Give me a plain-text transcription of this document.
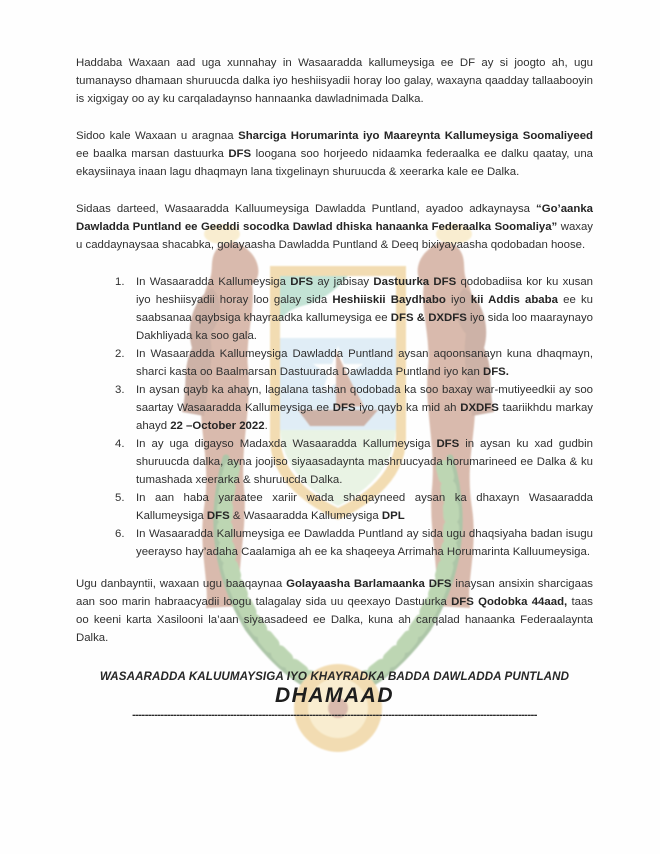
Haddaba Waxaan aad uga xunnahay in Wasaaradda kallumeysiga ee DF ay si joogto ah, ugu tumanayso dhamaan shuruucda dalka iyo heshiisyadii horay loo galay, waxayna qaadday tallaabooyin is xigxigay oo ay ku carqaladaynso hannaanka dawladnimada Dalka.

Sidoo kale Waxaan u aragnaa Sharciga Horumarinta iyo Maareynta Kallumeysiga Soomaliyeed ee baalka marsan dastuurka DFS loogana soo horjeedo nidaamka federaalka ee dalku qaatay, una ekaysiinaya inaan lagu dhaqmayn lana tixgelinayn shuruucda & xeerarka kale ee Dalka.

Sidaas darteed, Wasaaradda Kalluumeysiga Dawladda Puntland, ayadoo adkaynaysa “Go’aanka Dawladda Puntland ee Geeddi socodka Dawlad dhiska hanaanka Federaalka Soomaliya” waxay u caddaynaysaa shacabka, golayaasha Dawladda Puntland & Deeq bixiyayaasha qodobadan hoose.

1.	In Wasaaradda Kallumeysiga DFS ay jabisay Dastuurka DFS qodobadiisa kor ku xusan iyo heshiisyadii horay loo galay sida Heshiiskii Baydhabo iyo kii Addis ababa ee ku saabsanaa qaybsiga khayraadka kallumeysiga ee DFS & DXDFS iyo sida loo maaraynayo Dakhliyada ka soo gala.
2.	In Wasaaradda Kallumeysiga Dawladda Puntland aysan aqoonsanayn kuna dhaqmayn, sharci kasta oo Baalmarsan Dastuurada Dawladda Puntland iyo kan DFS.
3.	In aysan qayb ka ahayn, lagalana tashan qodobada ka soo baxay war-mutiyeedkii ay soo saartay Wasaaradda Kallumeysiga ee DFS iyo qayb ka mid ah DXDFS taariikhdu markay ahayd 22 –October 2022.
4.	In ay uga digayso Madaxda Wasaaradda Kallumeysiga DFS in aysan ku xad gudbin shuruucda dalka, ayna joojiso siyaasadaynta mashruucyada horumarineed ee Dalka & ku tumashada xeerarka & shuruucda Dalka.
5.	In aan haba yaraatee xariir wada shaqayneed aysan ka dhaxayn Wasaaradda Kallumeysiga DFS & Wasaaradda Kallumeysiga DPL
6.	In Wasaaradda Kallumeysiga ee Dawladda Puntland ay sida ugu dhaqsiyaha badan isugu yeerayso hay’adaha Caalamiga ah ee ka shaqeeya Arrimaha Horumarinta Kalluumeysiga.

Ugu danbayntii, waxaan ugu baaqaynaa Golayaasha Barlamaanka DFS inaysan ansixin sharcigaas aan soo marin habraacyadii loogu talagalay sida uu qeexayo Dastuurka DFS Qodobka 44aad, taas oo keeni karta Xasilooni la’aan siyaasadeed ee Dalka, kuna ah carqalad hanaanka Federaalaynta Dalka.

WASAARADDA KALUUMAYSIGA IYO KHAYRADKA BADDA DAWLADDA PUNTLAND
DHAMAAD
--------------------------------------------------------------------------------------------------------------------------------
